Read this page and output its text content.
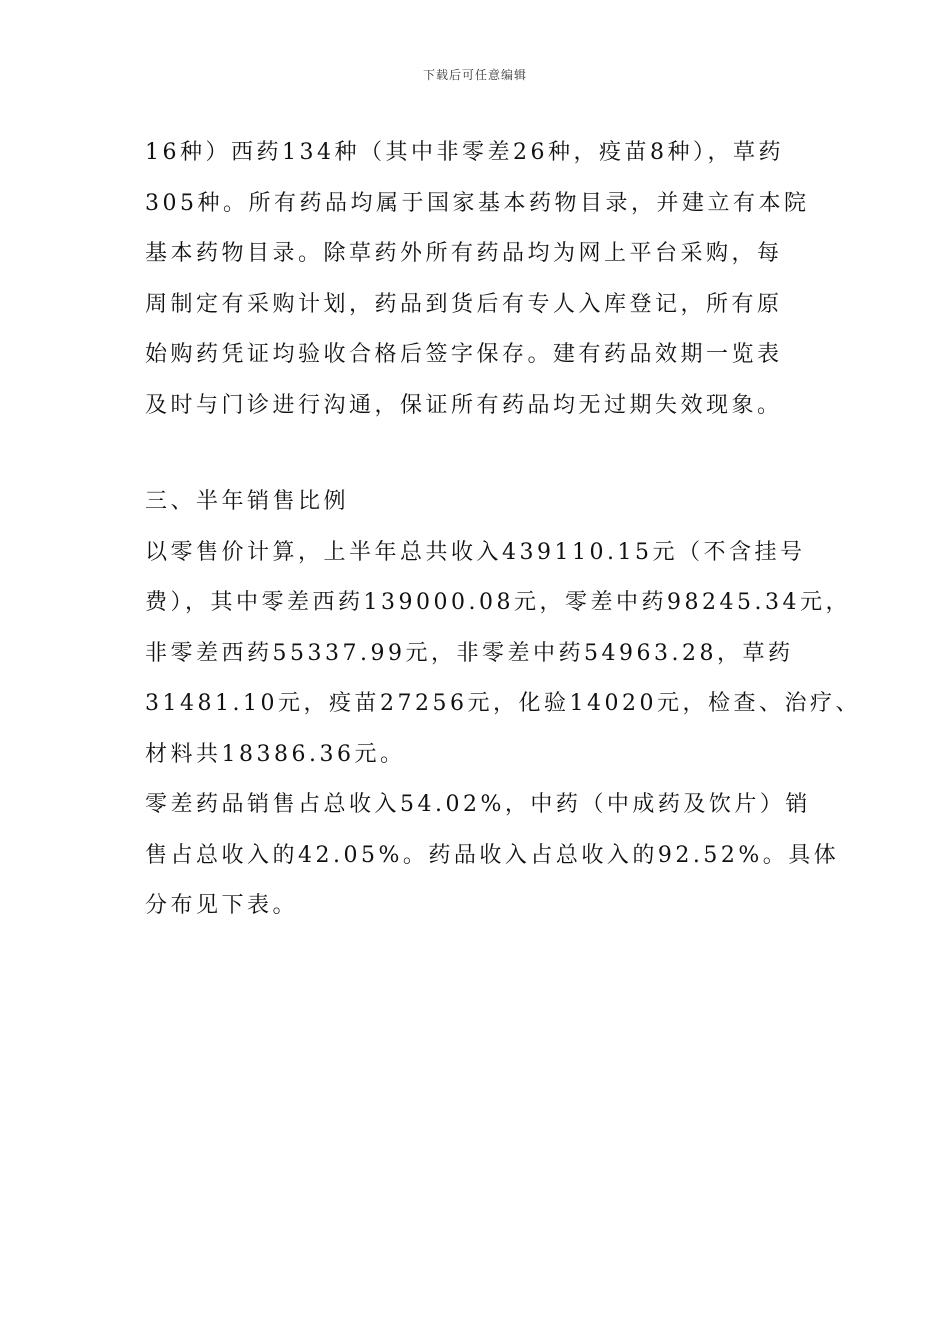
下载后可任意编辑
16种）西药134种（其中非零差26种，疫苗8种），草药
305种。所有药品均属于国家基本药物目录，并建立有本院
基本药物目录。除草药外所有药品均为网上平台采购，每
周制定有采购计划，药品到货后有专人入库登记，所有原
始购药凭证均验收合格后签字保存。建有药品效期一览表
及时与门诊进行沟通，保证所有药品均无过期失效现象。
三、半年销售比例
以零售价计算，上半年总共收入439110.15元（不含挂号
费），其中零差西药139000.08元，零差中药98245.34元，
非零差西药55337.99元，非零差中药54963.28，草药
31481.10元，疫苗27256元，化验14020元，检查、治疗、
材料共18386.36元。
零差药品销售占总收入54.02%，中药（中成药及饮片）销
售占总收入的42.05%。药品收入占总收入的92.52%。具体
分布见下表。
